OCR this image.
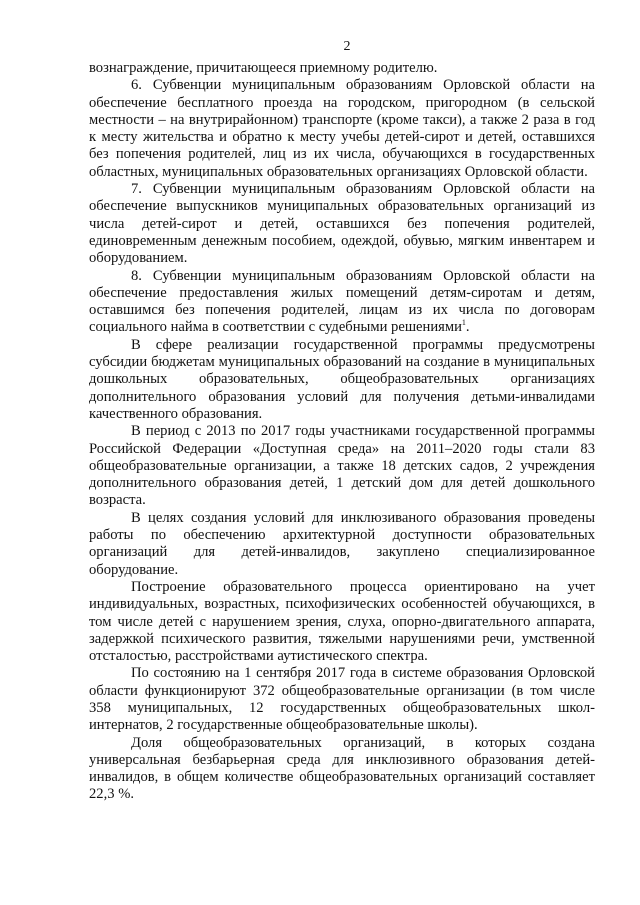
2

вознаграждение, причитающееся приемному родителю.

6. Субвенции муниципальным образованиям Орловской области на обеспечение бесплатного проезда на городском, пригородном (в сельской местности – на внутрирайонном) транспорте (кроме такси), а также 2 раза в год к месту жительства и обратно к месту учебы детей-сирот и детей, оставшихся без попечения родителей, лиц из их числа, обучающихся в государственных областных, муниципальных образовательных организациях Орловской области.

7. Субвенции муниципальным образованиям Орловской области на обеспечение выпускников муниципальных образовательных организаций из числа детей-сирот и детей, оставшихся без попечения родителей, единовременным денежным пособием, одеждой, обувью, мягким инвентарем и оборудованием.

8. Субвенции муниципальным образованиям Орловской области на обеспечение предоставления жилых помещений детям-сиротам и детям, оставшимся без попечения родителей, лицам из их числа по договорам социального найма в соответствии с судебными решениями$^1$.

В сфере реализации государственной программы предусмотрены субсидии бюджетам муниципальных образований на создание в муниципальных дошкольных образовательных, общеобразовательных организациях дополнительного образования условий для получения детьми-инвалидами качественного образования.

В период с 2013 по 2017 годы участниками государственной программы Российской Федерации «Доступная среда» на 2011–2020 годы стали 83 общеобразовательные организации, а также 18 детских садов, 2 учреждения дополнительного образования детей, 1 детский дом для детей дошкольного возраста.

В целях создания условий для инклюзиваного образования проведены работы по обеспечению архитектурной доступности образовательных организаций для детей-инвалидов, закуплено специализированное оборудование.

Построение образовательного процесса ориентировано на учет индивидуальных, возрастных, психофизических особенностей обучающихся, в том числе детей с нарушением зрения, слуха, опорно-двигательного аппарата, задержкой психического развития, тяжелыми нарушениями речи, умственной отсталостью, расстройствами аутистического спектра.

По состоянию на 1 сентября 2017 года в системе образования Орловской области функционируют 372 общеобразовательные организации (в том числе 358 муниципальных, 12 государственных общеобразовательных школ-интернатов, 2 государственные общеобразовательные школы).

Доля общеобразовательных организаций, в которых создана универсальная безбарьерная среда для инклюзивного образования детей-инвалидов, в общем количестве общеобразовательных организаций составляет 22,3 %.
